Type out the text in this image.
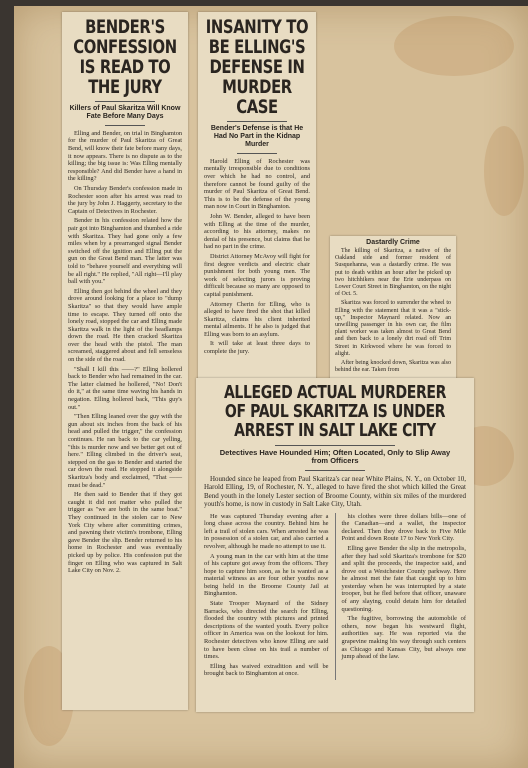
BENDER'S
CONFESSION
IS READ TO
THE JURY
Killers of Paul Skaritza Will Know Fate Before Many Days

Elling and Bender, on trial in Binghamton for the murder of Paul Skaritza of Great Bend, will know their fate before many days, it now appears. There is no dispute as to the killing; the big issue is: Was Elling mentally responsible? And did Bender have a hand in the killing?

On Thursday Bender's confession made in Rochester soon after his arrest was read to the jury by John J. Haggerty, secretary to the Captain of Detectives in Rochester.

Bender in his confession related how the pair got into Binghamton and thumbed a ride with Skaritza. They had gone only a few miles when by a prearranged signal Bender switched off the ignition and Elling put the gun on the Great Bend man. The latter was told to "behave yourself and everything will be all right." He replied, "All right—I'll play ball with you."

Elling then got behind the wheel and they drove around looking for a place to "dump Skaritza" so that they would have ample time to escape. They turned off onto the lonely road, stopped the car and Elling made Skaritza walk in the light of the headlamps down the road. He then cracked Skaritza over the head with the pistol. The man screamed, staggered about and fell senseless on the side of the road.

"Shall I kill this ——?" Elling hollered back to Bender who had remained in the car. The latter claimed he hollered, "No! Don't do it," at the same time waving his hands in negation. Elling hollered back, "This guy's out."

"Then Elling leaned over the guy with the gun about six inches from the back of his head and pulled the trigger," the confession continues. He ran back to the car yelling, "this is murder now and we better get out of here." Elling climbed in the driver's seat, stepped on the gas to Bender and started the car down the road. He stopped it alongside Skaritza's body and exclaimed, "That —— must be dead."

He then said to Bender that if they got caught it did not matter who pulled the trigger as "we are both in the same boat." They continued in the stolen car to New York City where after committing crimes, and pawning their victim's trombone, Elling gave Bender the slip. Bender returned to his home in Rochester and was eventually picked up by police. His confession put the finger on Elling who was captured in Salt Lake City on Nov. 2.

INSANITY TO
BE ELLING'S
DEFENSE IN
MURDER CASE
Bender's Defense is that He Had No Part in the Kidnap Murder

Harold Elling of Rochester was mentally irresponsible due to conditions over which he had no control, and therefore cannot be found guilty of the murder of Paul Skaritza of Great Bend. This is to be the defense of the young man now in Court in Binghamton.

John W. Bender, alleged to have been with Elling at the time of the murder, according to his attorney, makes no denial of his presence, but claims that he had no part in the crime.

District Attorney McAvoy will fight for first degree verdicts and electric chair punishment for both young men. The work of selecting jurors is proving difficult because so many are opposed to capital punishment.

Attorney Cherin for Elling, who is alleged to have fired the shot that killed Skaritza, claims his client inherited mental ailments. If he also is judged that Elling was born to an asylum.

It will take at least three days to complete the jury.

Dastardly Crime

The killing of Skaritza, a native of the Oakland side and former resident of Susquehanna, was a dastardly crime. He was put to death within an hour after he picked up two hitchhikers near the Erie underpass on Lower Court Street in Binghamton, on the night of Oct. 5.

Skaritza was forced to surrender the wheel to Elling with the statement that it was a "stick-up," Inspector Maynard related. Now an unwilling passenger in his own car, the film plant worker was taken almost to Great Bend and then back to a lonely dirt road off Trim Street in Kirkwood where he was forced to alight.

After being knocked down, Skaritza was also behind the ear. Taken from

ALLEGED ACTUAL MURDERER
OF PAUL SKARITZA IS UNDER
ARREST IN SALT LAKE CITY
Detectives Have Hounded Him; Often Located, Only to Slip Away from Officers

Hounded since he leaped from Paul Skaritza's car near White Plains, N. Y., on October 10, Harold Elling, 19, of Rochester, N. Y., alleged to have fired the shot which killed the Great Bend youth in the lonely Lester section of Broome County, within six miles of the murdered youth's home, is now in custody in Salt Lake City, Utah.

He was captured Thursday evening after a long chase across the country. Behind him he left a trail of stolen cars. When arrested he was in possession of a stolen car, and also carried a revolver, although he made no attempt to use it.

A young man in the car with him at the time of his capture got away from the officers. They hope to capture him soon, as he is wanted as a material witness as are four other youths now being held in the Broome County Jail at Binghamton.

State Trooper Maynard of the Sidney Barracks, who directed the search for Elling, flooded the country with pictures and printed descriptions of the wanted youth. Every police officer in America was on the lookout for him. Rochester detectives who know Elling are said to have been close on his trail a number of times.

Elling has waived extradition and will be brought back to Binghamton at once.

his clothes were three dollars bills—one of the Canadian—and a wallet, the inspector declared. Then they drove back to Five Mile Point and down Route 17 to New York City.

Elling gave Bender the slip in the metropolis, after they had sold Skaritza's trombone for $20 and split the proceeds, the inspector said, and drove out a Westchester County parkway. Here he almost met the fate that caught up to him yesterday when he was interrupted by a state trooper, but he fled before that officer, unaware of any slaying, could detain him for detailed questioning.

The fugitive, borrowing the automobile of others, now began his westward flight, authorities say. He was reported via the grapevine making his way through such centers as Chicago and Kansas City, but always one jump ahead of the law.
